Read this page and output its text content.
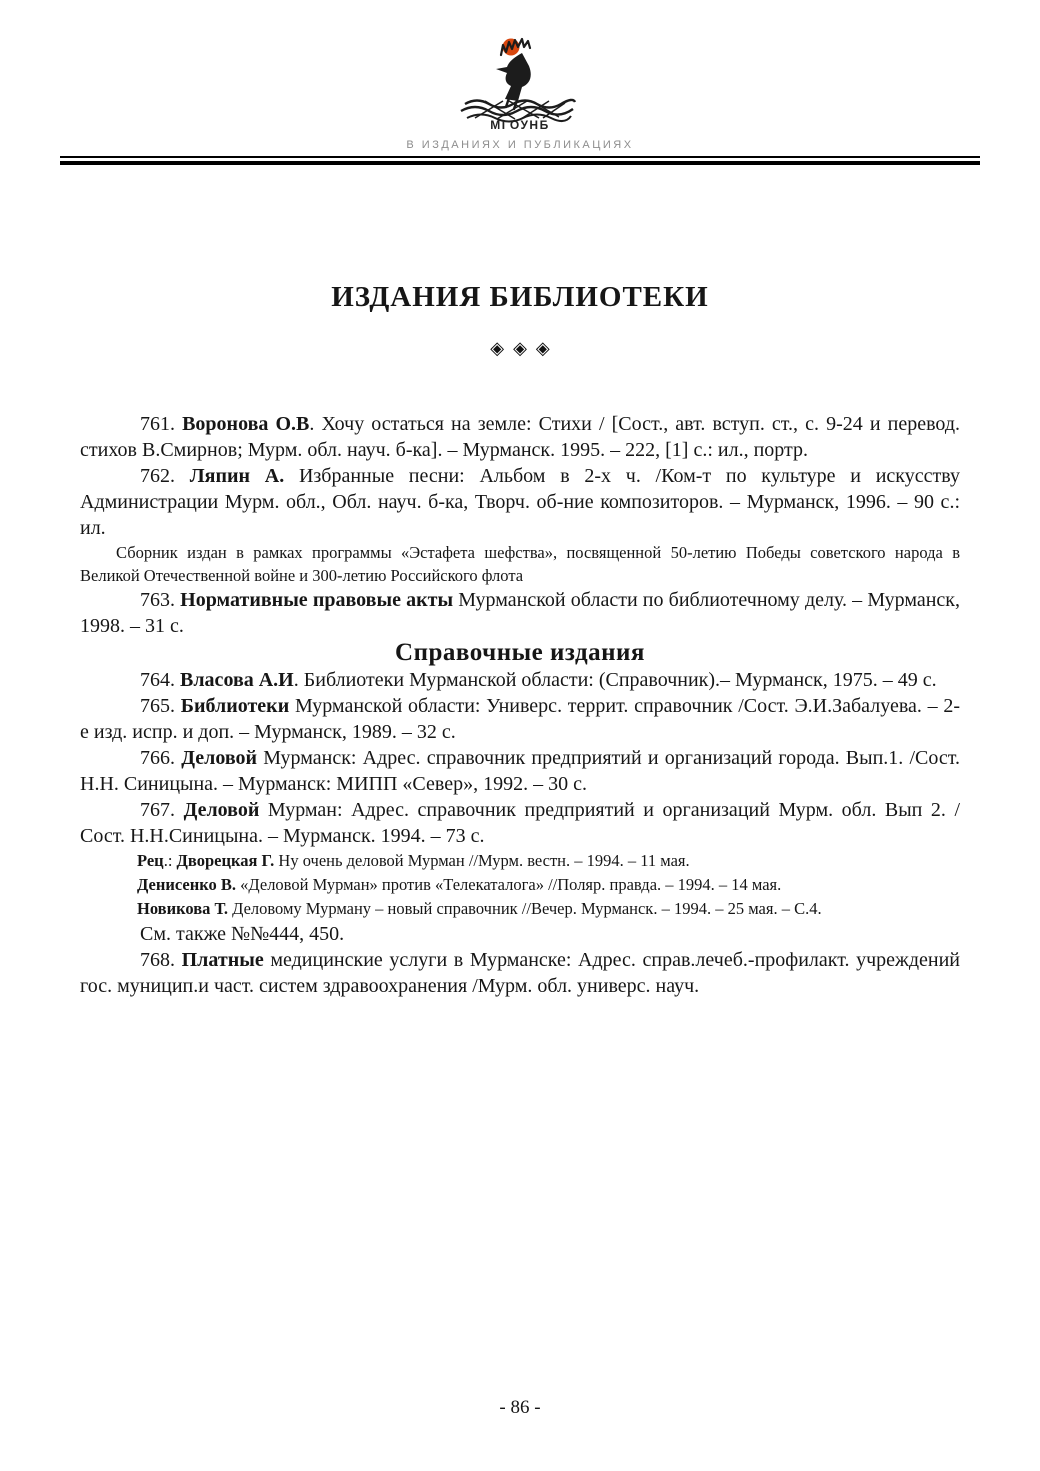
МГОУНБ
В ИЗДАНИЯХ И ПУБЛИКАЦИЯХ
ИЗДАНИЯ БИБЛИОТЕКИ
◈◈◈

761. Воронова О.В. Хочу остаться на земле: Стихи / [Сост., авт. вступ. ст., с. 9-24 и перевод. стихов В.Смирнов; Мурм. обл. науч. б-ка]. – Мурманск. 1995. – 222, [1] с.: ил., портр.

762. Ляпин А. Избранные песни: Альбом в 2-х ч. /Ком-т по культуре и искусству Администрации Мурм. обл., Обл. науч. б-ка, Творч. об-ние композиторов. – Мурманск, 1996. – 90 с.: ил.

Сборник издан в рамках программы «Эстафета шефства», посвященной 50-летию Победы советского народа в Великой Отечественной войне и 300-летию Российского флота

763. Нормативные правовые акты Мурманской области по библиотечному делу. – Мурманск, 1998. – 31 с.

Справочные издания

764. Власова А.И. Библиотеки Мурманской области: (Справочник).– Мурманск, 1975. – 49 с.

765. Библиотеки Мурманской области: Универс. террит. справочник /Сост. Э.И.Забалуева. – 2-е изд. испр. и доп. – Мурманск, 1989. – 32 с.

766. Деловой Мурманск: Адрес. справочник предприятий и организаций города. Вып.1. /Сост. Н.Н. Синицына. – Мурманск: МИПП «Север», 1992. – 30 с.

767. Деловой Мурман: Адрес. справочник предприятий и организаций Мурм. обл. Вып 2. /Сост. Н.Н.Синицына. – Мурманск. 1994. – 73 с.

Рец.: Дворецкая Г. Ну очень деловой Мурман //Мурм. вестн. – 1994. – 11 мая.

Денисенко В. «Деловой Мурман» против «Телекаталога» //Поляр. правда. – 1994. – 14 мая.

Новикова Т. Деловому Мурману – новый справочник //Вечер. Мурманск. – 1994. – 25 мая. – С.4.

См. также №№444, 450.

768. Платные медицинские услуги в Мурманске: Адрес. справ.лечеб.-профилакт. учреждений гос. муницип.и част. систем здравоохранения /Мурм. обл. универс. науч.

- 86 -
